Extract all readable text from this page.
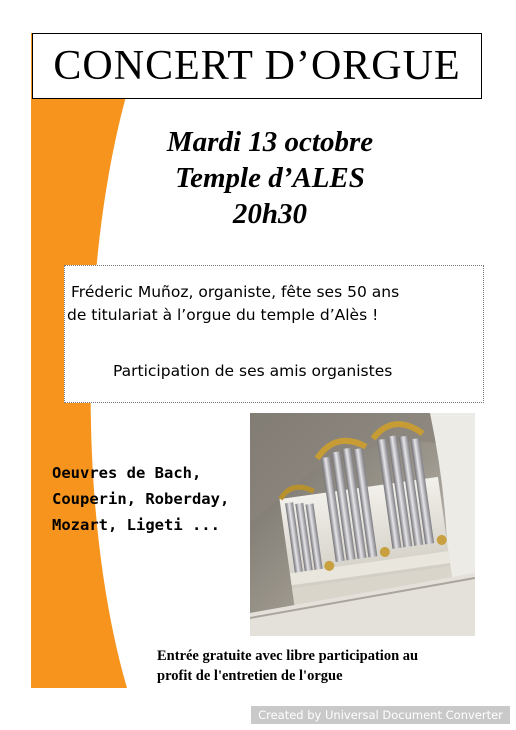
CONCERT D’ORGUE
Mardi 13 octobre
Temple d’ALES
20h30
Fréderic Muñoz, organiste, fête ses 50 ans
de titulariat à l’orgue du temple d’Alès !
Participation de ses amis organistes
Oeuvres de Bach,
Couperin, Roberday,
Mozart, Ligeti ...
Entrée gratuite avec libre participation au
profit de l'entretien de l'orgue
Created by Universal Document Converter
